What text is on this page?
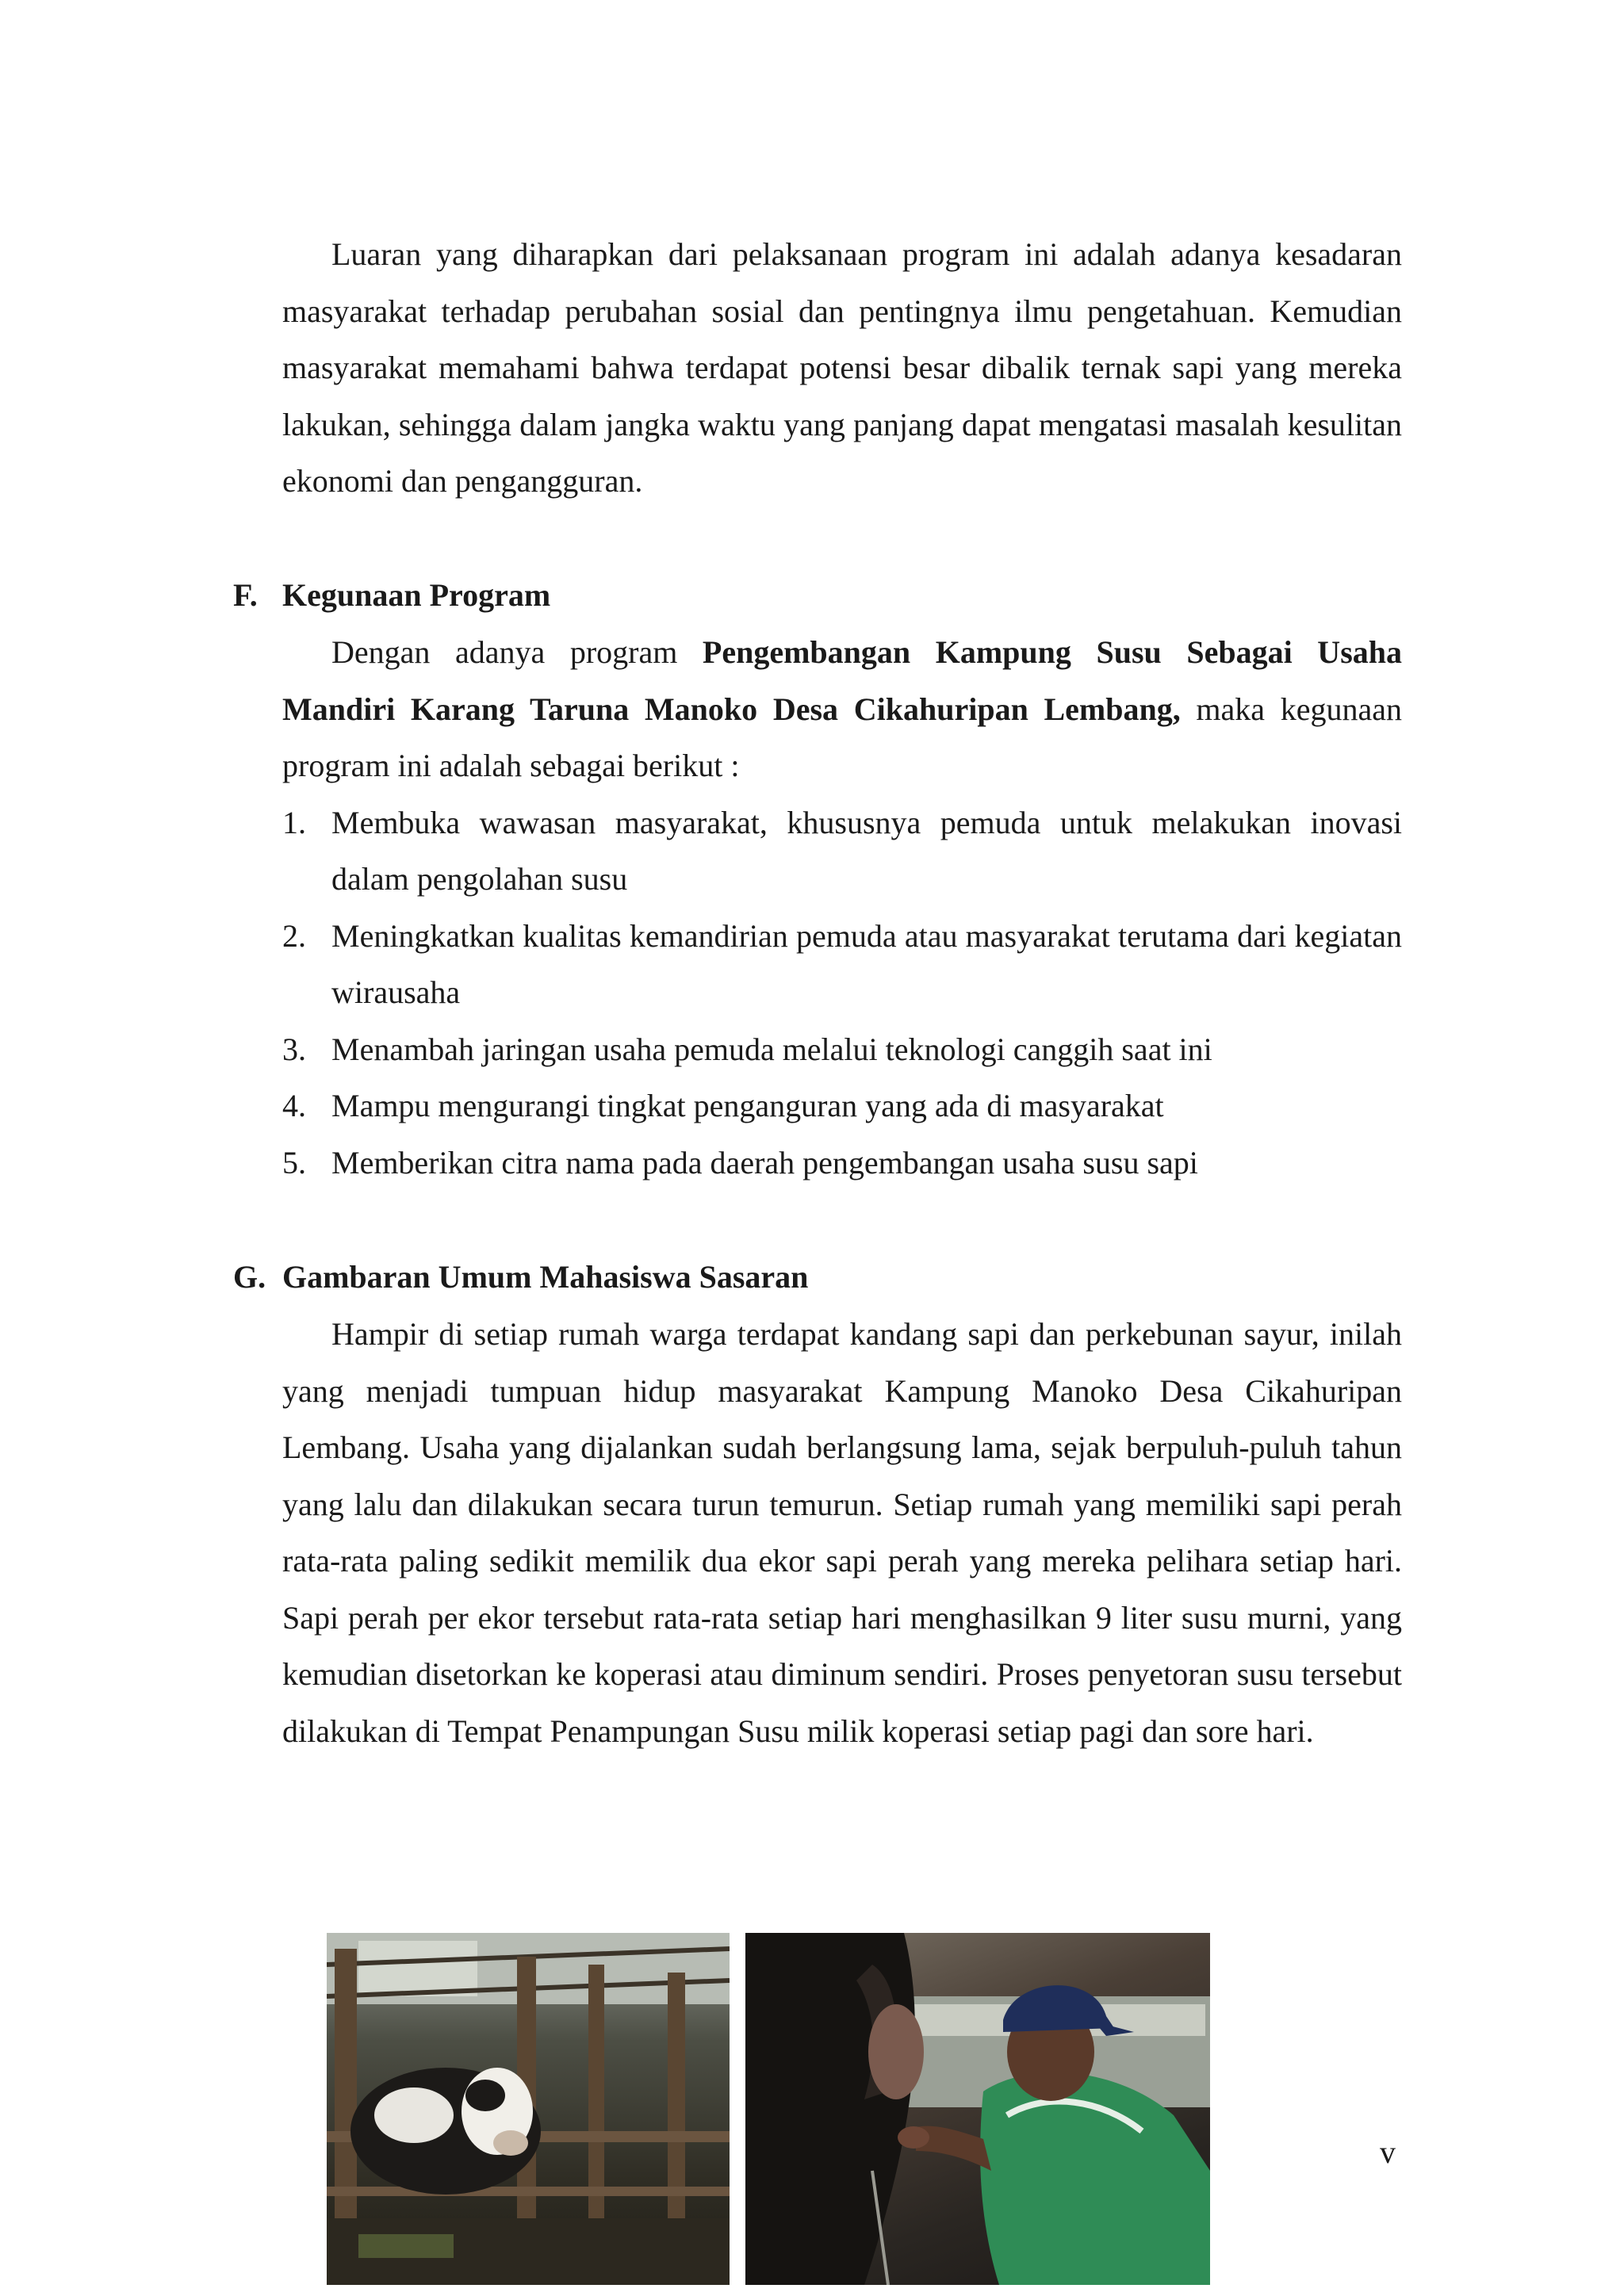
Luaran yang diharapkan dari pelaksanaan program ini adalah adanya kesadaran masyarakat terhadap perubahan sosial dan pentingnya ilmu pengetahuan. Kemudian masyarakat memahami bahwa terdapat potensi besar dibalik ternak sapi yang mereka lakukan, sehingga dalam jangka waktu yang panjang dapat mengatasi masalah kesulitan ekonomi dan pengangguran.

F. Kegunaan Program

Dengan adanya program Pengembangan Kampung Susu Sebagai Usaha Mandiri Karang Taruna Manoko Desa Cikahuripan Lembang, maka kegunaan program ini adalah sebagai berikut :

1. Membuka wawasan masyarakat, khususnya pemuda untuk melakukan inovasi dalam pengolahan susu
2. Meningkatkan kualitas kemandirian pemuda atau masyarakat terutama dari kegiatan wirausaha
3. Menambah jaringan usaha pemuda melalui teknologi canggih saat ini
4. Mampu mengurangi tingkat penganguran yang ada di masyarakat
5. Memberikan citra nama pada daerah pengembangan usaha susu sapi
G. Gambaran Umum Mahasiswa Sasaran

Hampir di setiap rumah warga terdapat kandang sapi dan perkebunan sayur, inilah yang menjadi tumpuan hidup masyarakat Kampung Manoko Desa Cikahuripan Lembang. Usaha yang dijalankan sudah berlangsung lama, sejak berpuluh-puluh tahun yang lalu dan dilakukan secara turun temurun. Setiap rumah yang memiliki sapi perah rata-rata paling sedikit memilik dua ekor sapi perah yang mereka pelihara setiap hari. Sapi perah per ekor tersebut rata-rata setiap hari menghasilkan 9 liter susu murni, yang kemudian disetorkan ke koperasi atau diminum sendiri. Proses penyetoran susu tersebut dilakukan di Tempat Penampungan Susu milik koperasi setiap pagi dan sore hari.

v
